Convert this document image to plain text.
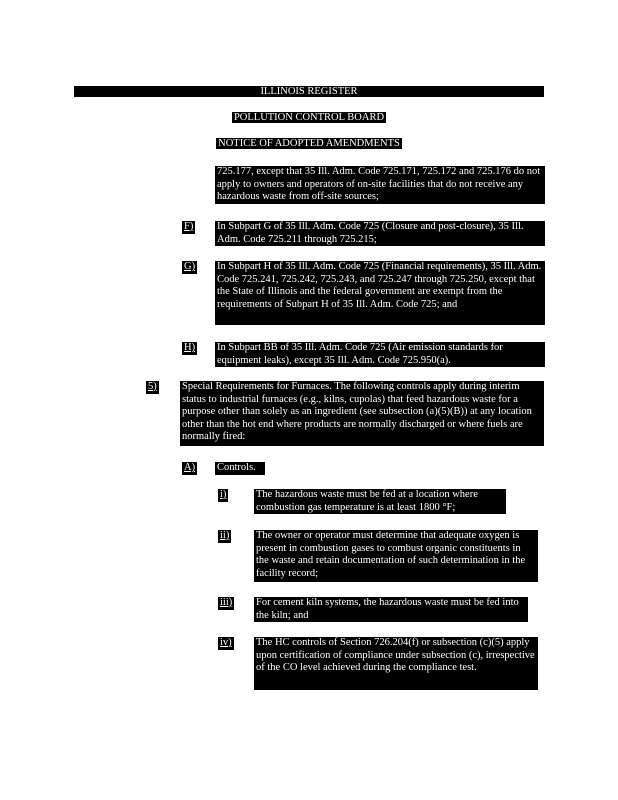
ILLINOIS REGISTER
POLLUTION CONTROL BOARD
NOTICE OF ADOPTED AMENDMENTS
725.177, except that 35 Ill. Adm. Code 725.171, 725.172 and 725.176 do not apply to owners and operators of on-site facilities that do not receive any hazardous waste from off-site sources;
F) In Subpart G of 35 Ill. Adm. Code 725 (Closure and post-closure), 35 Ill. Adm. Code 725.211 through 725.215;
G) In Subpart H of 35 Ill. Adm. Code 725 (Financial requirements), 35 Ill. Adm. Code 725.241, 725.242, 725.243, and 725.247 through 725.250, except that the State of Illinois and the federal government are exempt from the requirements of Subpart H of 35 Ill. Adm. Code 725; and
H) In Subpart BB of 35 Ill. Adm. Code 725 (Air emission standards for equipment leaks), except 35 Ill. Adm. Code 725.950(a).
5) Special Requirements for Furnaces. The following controls apply during interim status to industrial furnaces (e.g., kilns, cupolas) that feed hazardous waste for a purpose other than solely as an ingredient (see subsection (a)(5)(B)) at any location other than the hot end where products are normally discharged or where fuels are normally fired:
A) Controls.
i)	The hazardous waste must be fed at a location where combustion gas temperature is at least 1800 °F;
ii)	The owner or operator must determine that adequate oxygen is present in combustion gases to combust organic constituents in the waste and retain documentation of such determination in the facility record;
iii) For cement kiln systems, the hazardous waste must be fed into the kiln; and
iv) The HC controls of Section 726.204(f) or subsection (c)(5) apply upon certification of compliance under subsection (c), irrespective of the CO level achieved during the compliance test.
